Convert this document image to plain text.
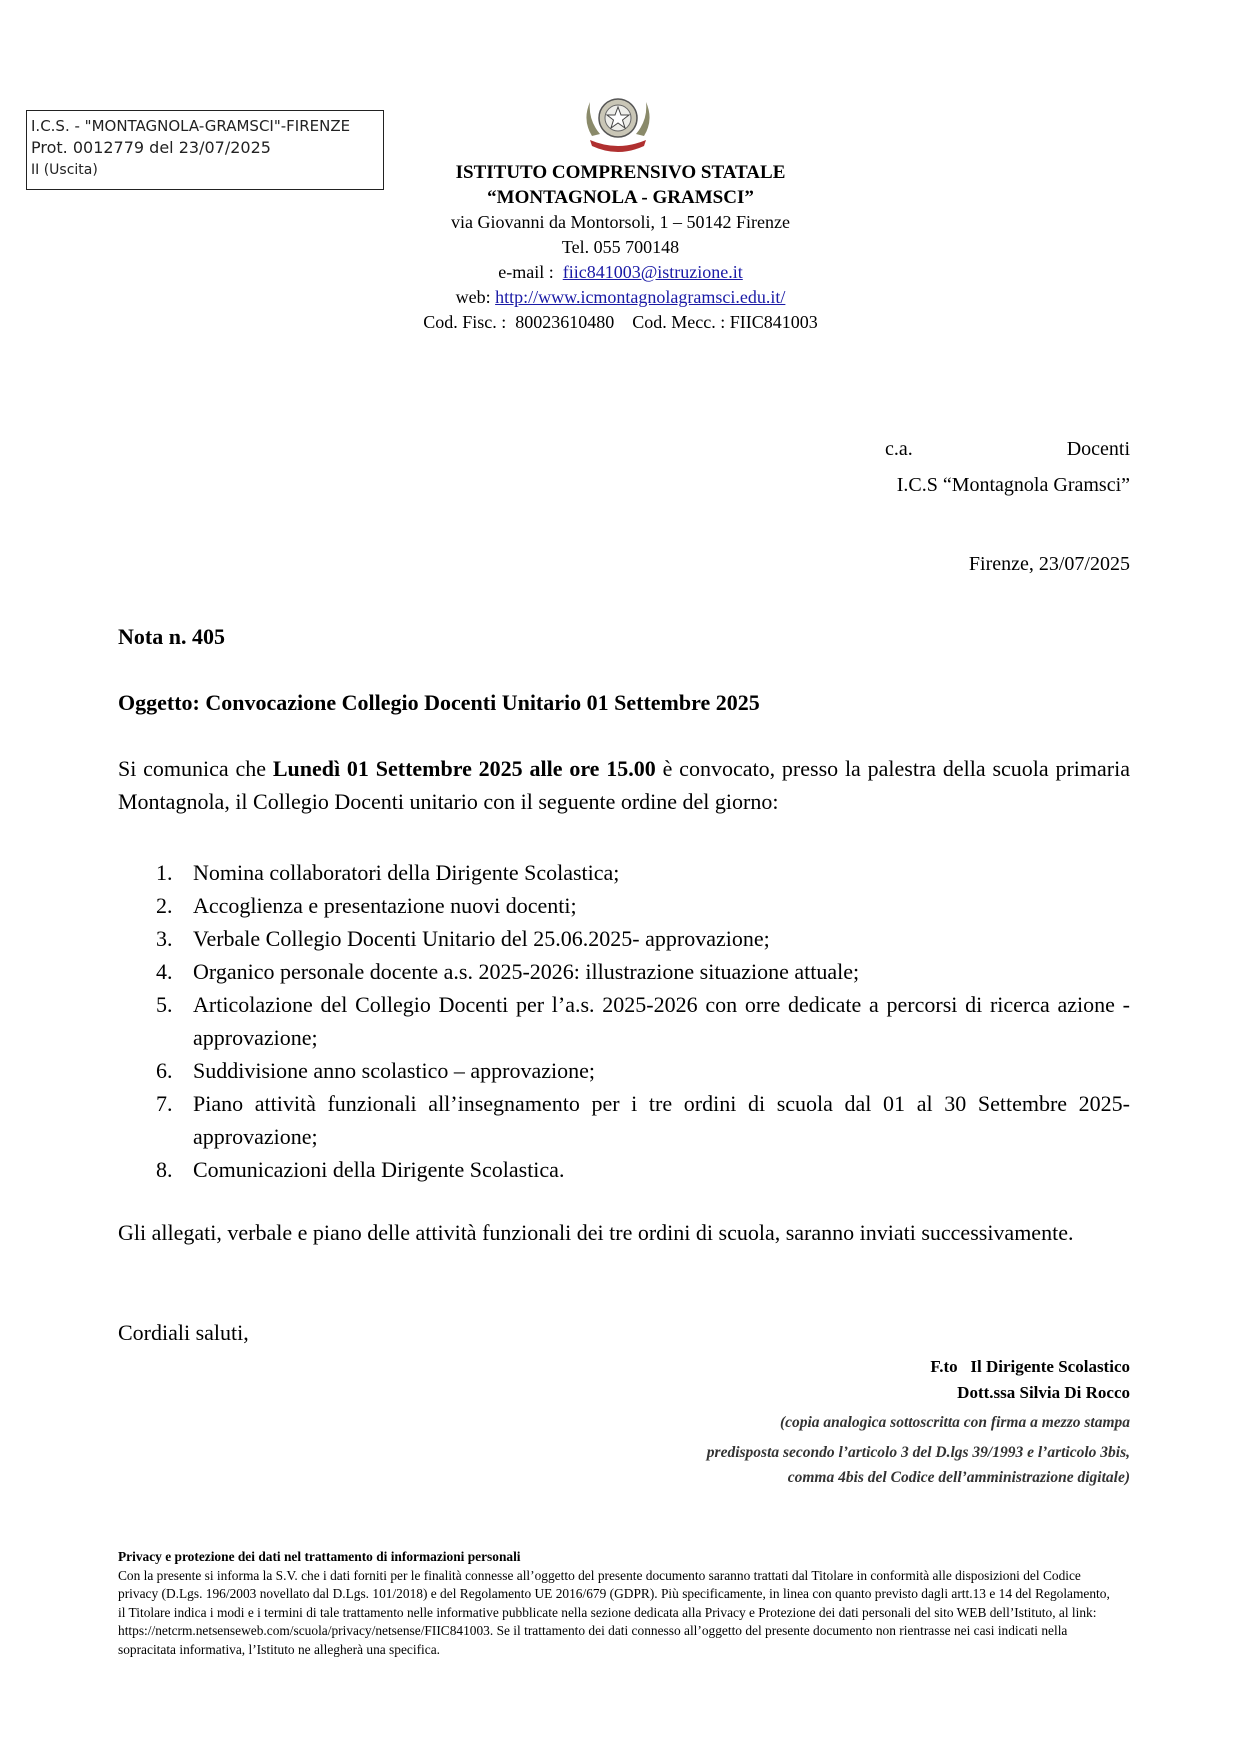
I.C.S. - "MONTAGNOLA-GRAMSCI"-FIRENZE
Prot. 0012779 del 23/07/2025
II (Uscita)	ISTITUTO COMPRENSIVO STATALE
“MONTAGNOLA - GRAMSCI”
via Giovanni da Montorsoli, 1 – 50142 Firenze
Tel. 055 700148
e-mail : fiic841003@istruzione.it
web: http://www.icmontagnolagramsci.edu.it/
Cod. Fisc. :  80023610480    Cod. Mecc. : FIIC841003
c.a.	Docenti
I.C.S “Montagnola Gramsci”
Firenze, 23/07/2025
Nota n. 405
Oggetto: Convocazione Collegio Docenti Unitario 01 Settembre 2025
Si comunica che Lunedì 01 Settembre 2025 alle ore 15.00 è convocato, presso la palestra della scuola primaria Montagnola, il Collegio Docenti unitario con il seguente ordine del giorno:
1. Nomina collaboratori della Dirigente Scolastica;
2. Accoglienza e presentazione nuovi docenti;
3. Verbale Collegio Docenti Unitario del 25.06.2025- approvazione;
4. Organico personale docente a.s. 2025-2026: illustrazione situazione attuale;
5. Articolazione del Collegio Docenti per l’a.s. 2025-2026 con orre dedicate a percorsi di ricerca azione - approvazione;
6. Suddivisione anno scolastico – approvazione;
7. Piano attività funzionali all’insegnamento per i tre ordini di scuola dal 01 al 30 Settembre 2025- approvazione;
8. Comunicazioni della Dirigente Scolastica.
Gli allegati, verbale e piano delle attività funzionali dei tre ordini di scuola, saranno inviati successivamente.
Cordiali saluti,
F.to   Il Dirigente Scolastico
Dott.ssa Silvia Di Rocco
(copia analogica sottoscritta con firma a mezzo stampa
predisposta secondo l’articolo 3 del D.lgs 39/1993 e l’articolo 3bis,
comma 4bis del Codice dell’amministrazione digitale)
Privacy e protezione dei dati nel trattamento di informazioni personali
Con la presente si informa la S.V. che i dati forniti per le finalità connesse all’oggetto del presente documento saranno trattati dal Titolare in conformità alle disposizioni del Codice privacy (D.Lgs. 196/2003 novellato dal D.Lgs. 101/2018) e del Regolamento UE 2016/679 (GDPR). Più specificamente, in linea con quanto previsto dagli artt.13 e 14 del Regolamento, il Titolare indica i modi e i termini di tale trattamento nelle informative pubblicate nella sezione dedicata alla Privacy e Protezione dei dati personali del sito WEB dell’Istituto, al link: https://netcrm.netsenseweb.com/scuola/privacy/netsense/FIIC841003. Se il trattamento dei dati connesso all’oggetto del presente documento non rientrasse nei casi indicati nella sopracitata informativa, l’Istituto ne allegherà una specifica.
